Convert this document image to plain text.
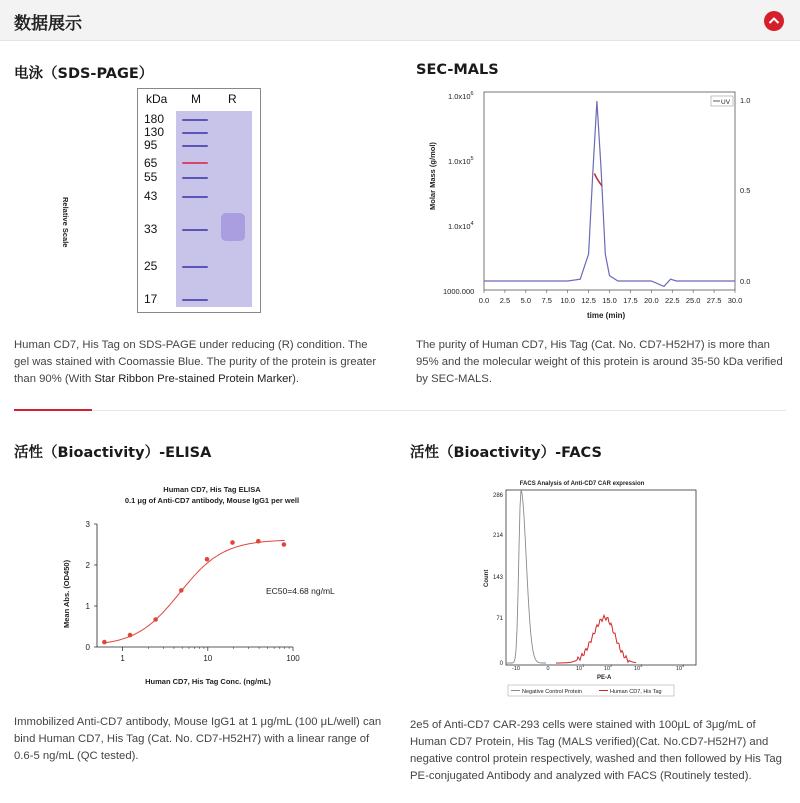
数据展示
电泳（SDS-PAGE）
kDa M R
180
130
95
65
55
43
33
25
17
Human CD7, His Tag on SDS-PAGE under reducing (R) condition. The gel was stained with Coomassie Blue. The purity of the protein is greater than 90% (With Star Ribbon Pre-stained Protein Marker).
SEC-MALS
Molar Mass (g/mol)
Relative Scale
time (min)
$1.0x10^6$
$1.0x10^5$
$1.0x10^4$
1000.000
1.0
0.5
0.0
0.0 2.5 5.0 7.5 10.0 12.5 15.0 17.5 20.0 22.5 25.0 27.5 30.0
UV
The purity of Human CD7, His Tag (Cat. No. CD7-H52H7) is more than 95% and the molecular weight of this protein is around 35-50 kDa verified by SEC-MALS.
活性（Bioactivity）-ELISA
Human CD7, His Tag ELISA
0.1 μg of Anti-CD7 antibody, Mouse IgG1 per well
Mean Abs. (OD450)
Human CD7, His Tag Conc. (ng/mL)
0
1
2
3
1	10	100
EC50=4.68 ng/mL
Immobilized Anti-CD7 antibody, Mouse IgG1 at 1 μg/mL (100 μL/well) can bind Human CD7, His Tag (Cat. No. CD7-H52H7) with a linear range of 0.6-5 ng/mL (QC tested).
活性（Bioactivity）-FACS
FACS Analysis of Anti-CD7 CAR expression
Count
PE-A
286
214
143
71
0
-10	0	$10^1$
$10^2$
$10^3$
$10^4$
Negative Control Protein	Human CD7, His Tag
2e5 of Anti-CD7 CAR-293 cells were stained with 100μL of 3μg/mL of Human CD7 Protein, His Tag (MALS verified)(Cat. No.CD7-H52H7) and negative control protein respectively, washed and then followed by His Tag PE-conjugated Antibody and analyzed with FACS (Routinely tested).
